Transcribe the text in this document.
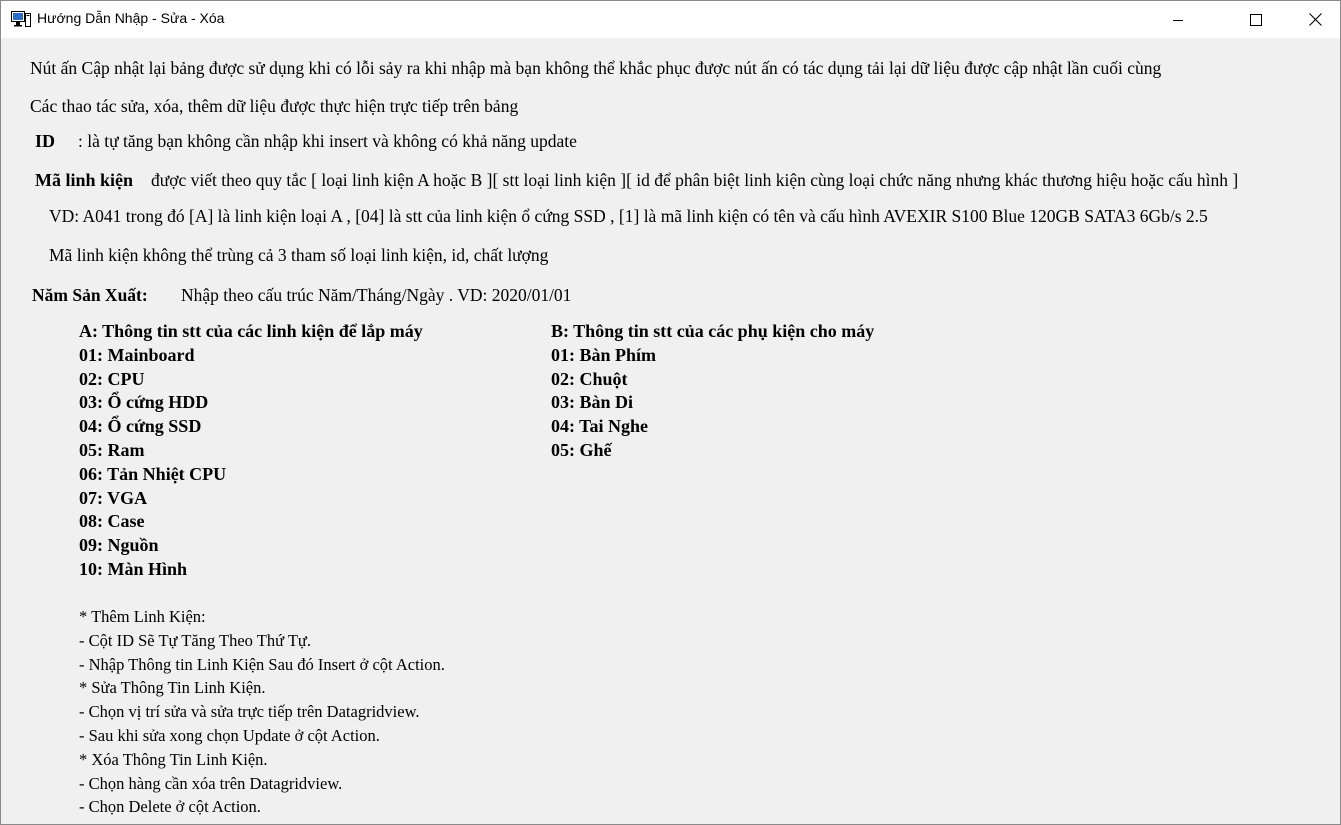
Hướng Dẫn Nhập - Sửa - Xóa
Nút ấn Cập nhật lại bảng được sử dụng khi có lỗi sảy ra khi nhập mà bạn không thể khắc phục được nút ấn có tác dụng tải lại dữ liệu được cập nhật lần cuối cùng
Các thao tác sửa, xóa, thêm dữ liệu được thực hiện trực tiếp trên bảng
ID : là tự tăng bạn không cần nhập khi insert và không có khả năng update
Mã linh kiện được viết theo quy tắc [ loại linh kiện A hoặc B ][ stt loại linh kiện ][ id để phân biệt linh kiện cùng loại chức năng nhưng khác thương hiệu hoặc cấu hình ]
VD: A041 trong đó [A] là linh kiện loại A , [04] là stt của linh kiện ổ cứng SSD , [1] là mã linh kiện có tên và cấu hình AVEXIR S100 Blue 120GB SATA3 6Gb/s 2.5
Mã linh kiện không thể trùng cả 3 tham số loại linh kiện, id, chất lượng
Năm Sản Xuất: Nhập theo cấu trúc Năm/Tháng/Ngày . VD: 2020/01/01
A: Thông tin stt của các linh kiện để lắp máy
01: Mainboard
02: CPU
03: Ổ cứng HDD
04: Ổ cứng SSD
05: Ram
06: Tản Nhiệt CPU
07: VGA
08: Case
09: Nguồn
10: Màn Hình
B: Thông tin stt của các phụ kiện cho máy
01: Bàn Phím
02: Chuột
03: Bàn Di
04: Tai Nghe
05: Ghế
* Thêm Linh Kiện:
- Cột ID Sẽ Tự Tăng Theo Thứ Tự.
- Nhập Thông tin Linh Kiện Sau đó Insert ở cột Action.
* Sửa Thông Tin Linh Kiện.
- Chọn vị trí sửa và sửa trực tiếp trên Datagridview.
- Sau khi sửa xong chọn Update ở cột Action.
* Xóa Thông Tin Linh Kiện.
- Chọn hàng cần xóa trên Datagridview.
- Chọn Delete ở cột Action.
